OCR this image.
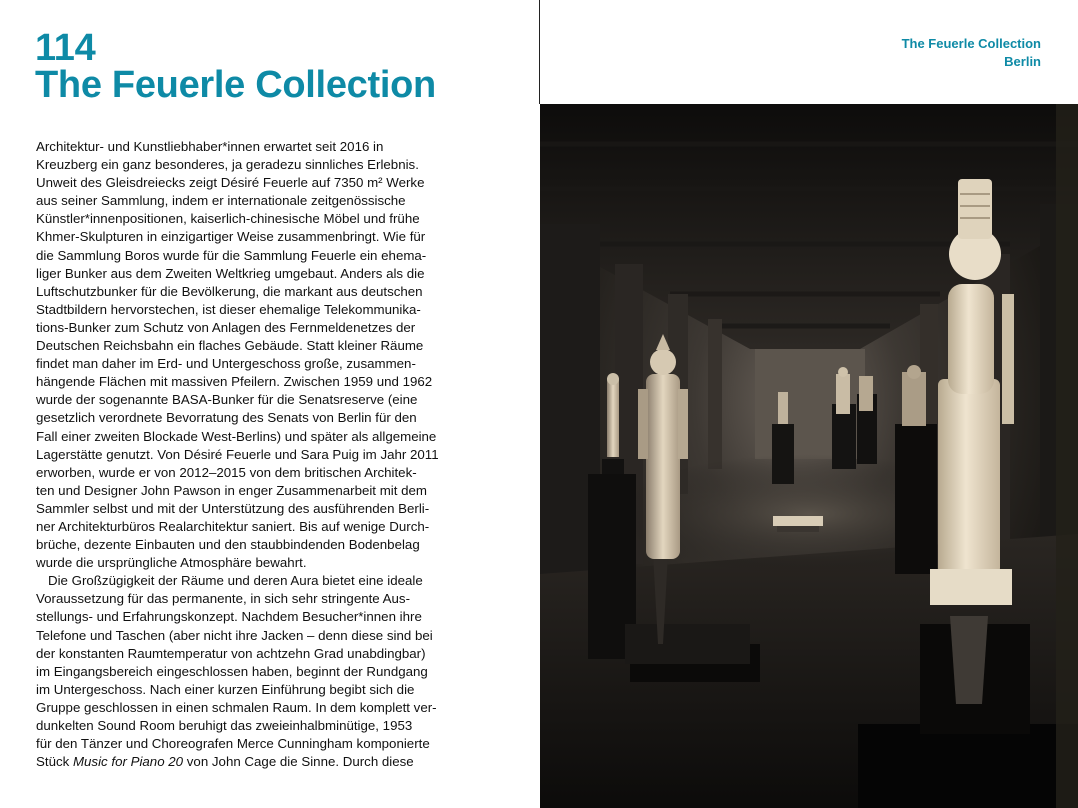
114
The Feuerle Collection
Architektur- und Kunstliebhaber*innen erwartet seit 2016 in
Kreuzberg ein ganz besonderes, ja geradezu sinnliches Erlebnis.
Unweit des Gleisdreiecks zeigt Désiré Feuerle auf 7350 m² Werke
aus seiner Sammlung, indem er internationale zeitgenössische
Künstler*innenpositionen, kaiserlich-chinesische Möbel und frühe
Khmer-Skulpturen in einzigartiger Weise zusammenbringt. Wie für
die Sammlung Boros wurde für die Sammlung Feuerle ein ehema-
liger Bunker aus dem Zweiten Weltkrieg umgebaut. Anders als die
Luftschutzbunker für die Bevölkerung, die markant aus deutschen
Stadtbildern hervorstechen, ist dieser ehemalige Telekommunika-
tions-Bunker zum Schutz von Anlagen des Fernmeldenetzes der
Deutschen Reichsbahn ein flaches Gebäude. Statt kleiner Räume
findet man daher im Erd- und Untergeschoss große, zusammen-
hängende Flächen mit massiven Pfeilern. Zwischen 1959 und 1962
wurde der sogenannte BASA-Bunker für die Senatsreserve (eine
gesetzlich verordnete Bevorratung des Senats von Berlin für den
Fall einer zweiten Blockade West-Berlins) und später als allgemeine
Lagerstätte genutzt. Von Désiré Feuerle und Sara Puig im Jahr 2011
erworben, wurde er von 2012–2015 von dem britischen Architek-
ten und Designer John Pawson in enger Zusammenarbeit mit dem
Sammler selbst und mit der Unterstützung des ausführenden Berli-
ner Architekturbüros Realarchitektur saniert. Bis auf wenige Durch-
brüche, dezente Einbauten und den staubbindenden Bodenbelag
wurde die ursprüngliche Atmosphäre bewahrt.
Die Großzügigkeit der Räume und deren Aura bietet eine ideale
Voraussetzung für das permanente, in sich sehr stringente Aus-
stellungs- und Erfahrungskonzept. Nachdem Besucher*innen ihre
Telefone und Taschen (aber nicht ihre Jacken – denn diese sind bei
der konstanten Raumtemperatur von achtzehn Grad unabdingbar)
im Eingangsbereich eingeschlossen haben, beginnt der Rundgang
im Untergeschoss. Nach einer kurzen Einführung begibt sich die
Gruppe geschlossen in einen schmalen Raum. In dem komplett ver-
dunkelten Sound Room beruhigt das zweieinhalbminütige, 1953
für den Tänzer und Choreografen Merce Cunningham komponierte
Stück Music for Piano 20 von John Cage die Sinne. Durch diese
The Feuerle Collection
Berlin
